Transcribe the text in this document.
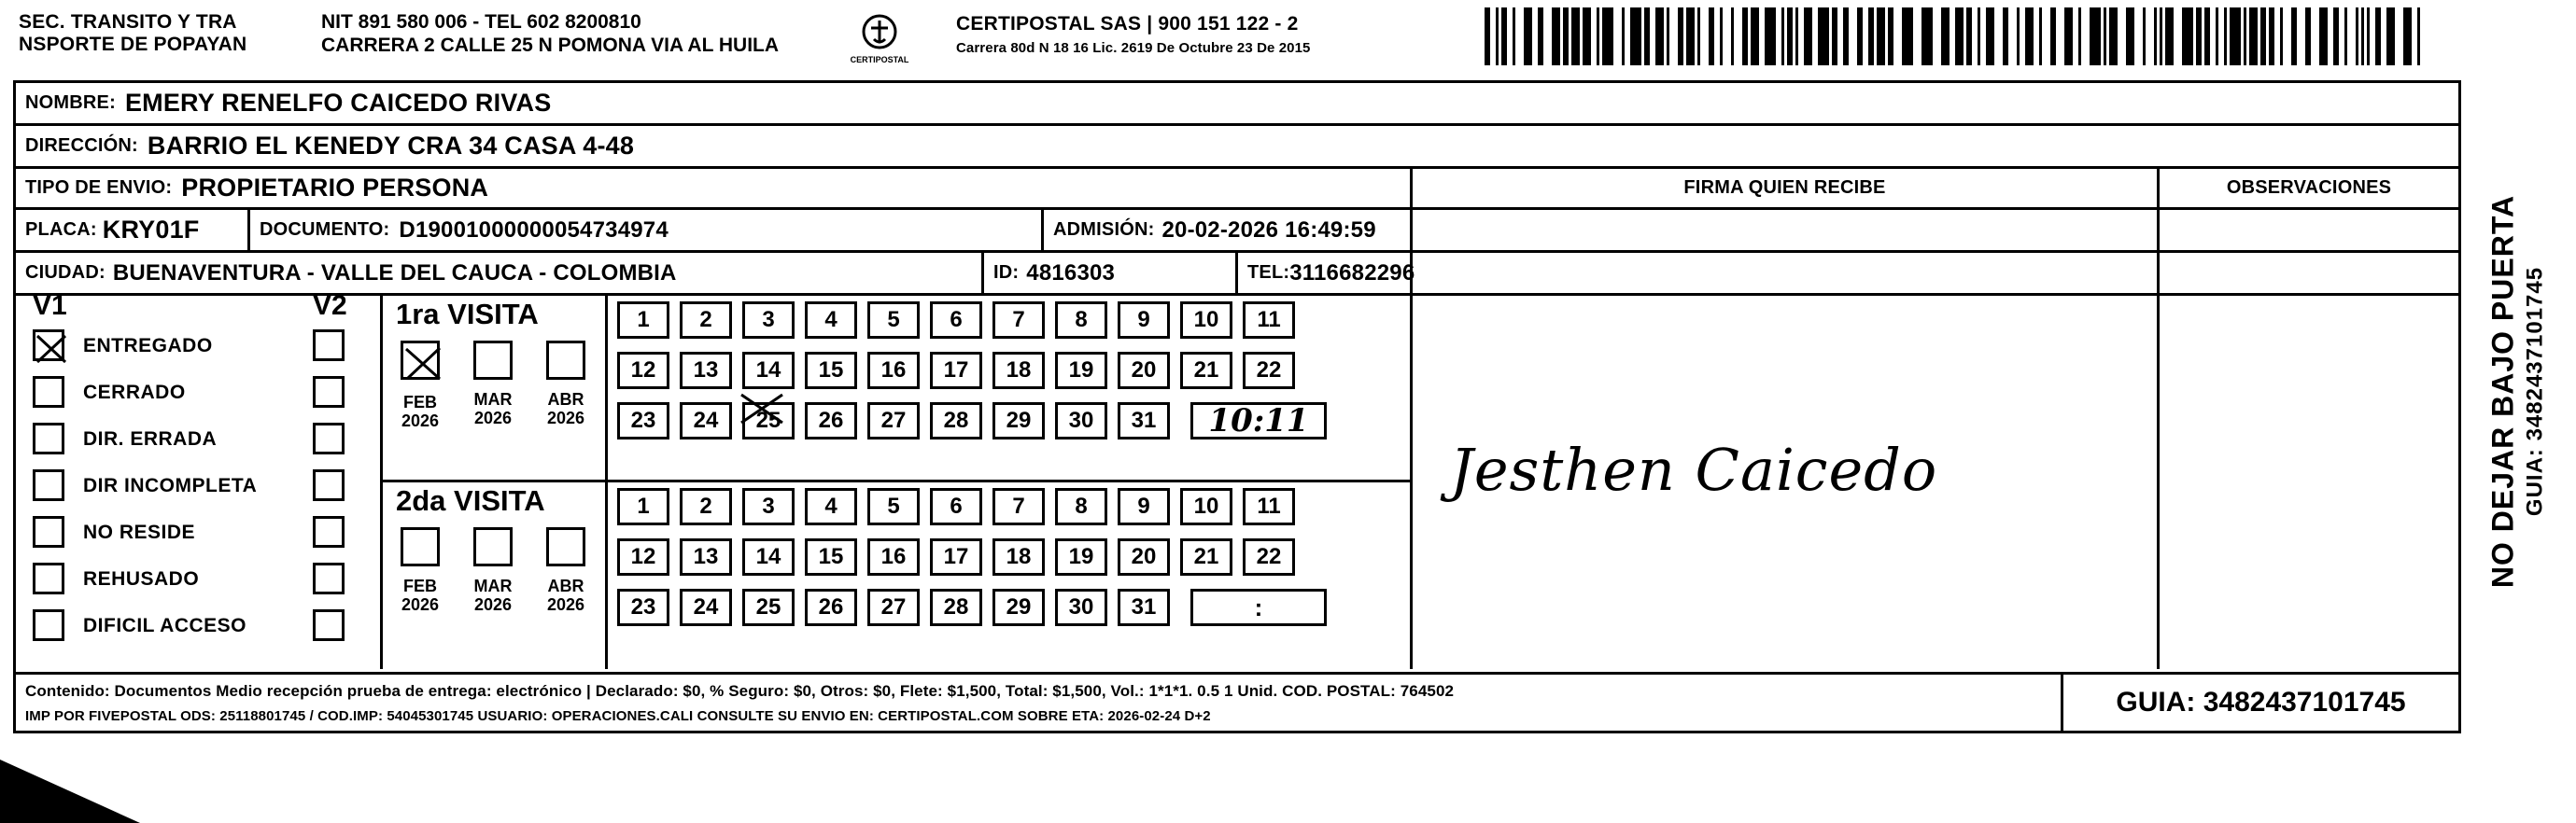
SEC. TRANSITO Y TRA
NSPORTE DE POPAYAN
NIT 891 580 006 - TEL 602 8200810
CARRERA 2 CALLE 25 N POMONA VIA AL HUILA
CERTIPOSTAL
CERTIPOSTAL SAS | 900 151 122 - 2
Carrera 80d N 18 16 Lic. 2619 De Octubre 23 De 2015
NOMBRE: EMERY RENELFO CAICEDO RIVAS
DIRECCIÓN: BARRIO EL KENEDY CRA 34 CASA 4-48
TIPO DE ENVIO: PROPIETARIO PERSONA	FIRMA QUIEN RECIBE	OBSERVACIONES
PLACA: KRY01F	DOCUMENTO: D19001000000054734974	ADMISIÓN: 20-02-2026 16:49:59
CIUDAD: BUENAVENTURA - VALLE DEL CAUCA - COLOMBIA	ID: 4816303	TEL: 3116682296
V1	V2
ENTREGADO
CERRADO
DIR. ERRADA
DIR INCOMPLETA
NO RESIDE
REHUSADO
DIFICIL ACCESO
1ra VISITA
FEB
2026
MAR
2026
ABR
2026
1	2	3	4	5	6	7	8	9	10	11
12	13	14	15	16	17	18	19	20	21	22
23	24	25	26	27	28	29	30	31	10:11
2da VISITA
FEB
2026
MAR
2026
ABR
2026
1	2	3	4	5	6	7	8	9	10	11
12	13	14	15	16	17	18	19	20	21	22
23	24	25	26	27	28	29	30	31	:
Jesthen Caicedo
Contenido: Documentos Medio recepción prueba de entrega: electrónico | Declarado: $0, % Seguro: $0, Otros: $0, Flete: $1,500, Total: $1,500, Vol.: 1*1*1. 0.5 1 Unid. COD. POSTAL: 764502
IMP POR FIVEPOSTAL ODS: 25118801745 / COD.IMP: 54045301745 USUARIO: OPERACIONES.CALI CONSULTE SU ENVIO EN: CERTIPOSTAL.COM SOBRE ETA: 2026-02-24 D+2	GUIA: 3482437101745
NO DEJAR BAJO PUERTA GUIA: 3482437101745
